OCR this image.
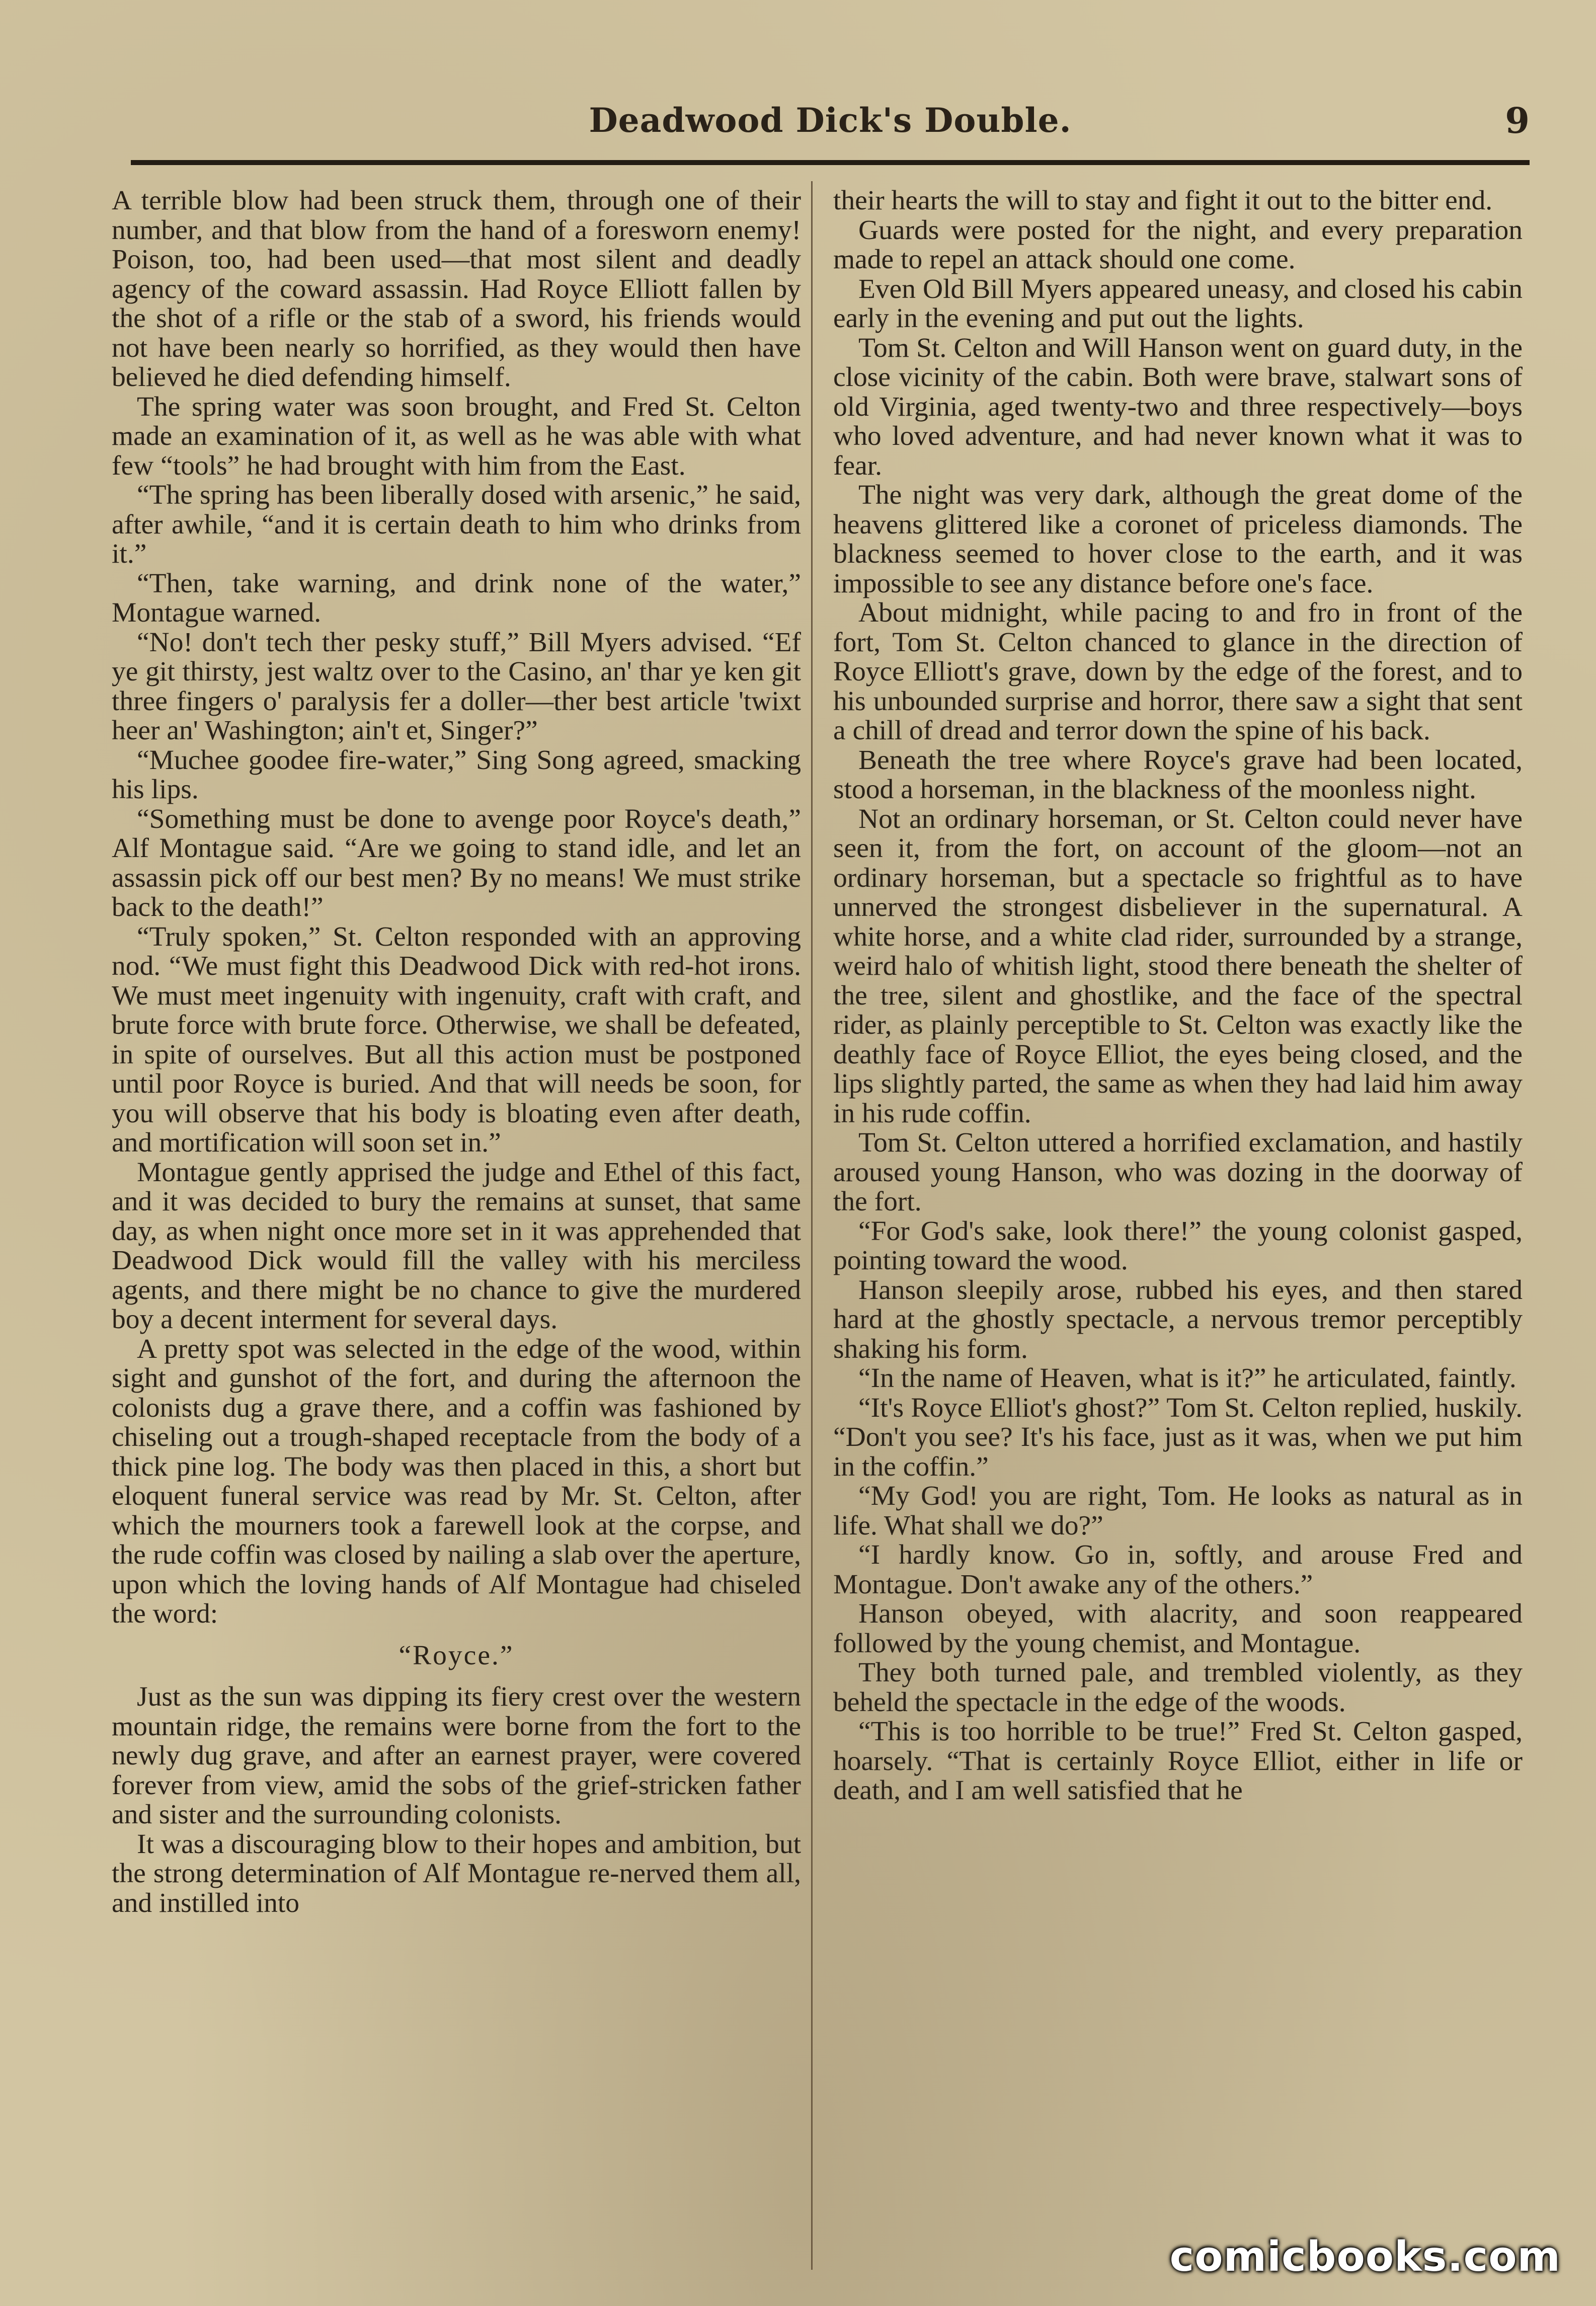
Deadwood Dick's Double.	9

A terrible blow had been struck them, through one of their number, and that blow from the hand of a foresworn enemy! Poison, too, had been used—that most silent and deadly agency of the coward assassin. Had Royce Elliott fallen by the shot of a rifle or the stab of a sword, his friends would not have been nearly so horrified, as they would then have believed he died defending himself.

The spring water was soon brought, and Fred St. Celton made an examination of it, as well as he was able with what few “tools” he had brought with him from the East.

“The spring has been liberally dosed with arsenic,” he said, after awhile, “and it is certain death to him who drinks from it.”

“Then, take warning, and drink none of the water,” Montague warned.

“No! don't tech ther pesky stuff,” Bill Myers advised. “Ef ye git thirsty, jest waltz over to the Casino, an' thar ye ken git three fingers o' paralysis fer a doller—ther best article 'twixt heer an' Washington; ain't et, Singer?”

“Muchee goodee fire-water,” Sing Song agreed, smacking his lips.

“Something must be done to avenge poor Royce's death,” Alf Montague said. “Are we going to stand idle, and let an assassin pick off our best men? By no means! We must strike back to the death!”

“Truly spoken,” St. Celton responded with an approving nod. “We must fight this Deadwood Dick with red-hot irons. We must meet ingenuity with ingenuity, craft with craft, and brute force with brute force. Otherwise, we shall be defeated, in spite of ourselves. But all this action must be postponed until poor Royce is buried. And that will needs be soon, for you will observe that his body is bloating even after death, and mortification will soon set in.”

Montague gently apprised the judge and Ethel of this fact, and it was decided to bury the remains at sunset, that same day, as when night once more set in it was apprehended that Deadwood Dick would fill the valley with his merciless agents, and there might be no chance to give the murdered boy a decent interment for several days.

A pretty spot was selected in the edge of the wood, within sight and gunshot of the fort, and during the afternoon the colonists dug a grave there, and a coffin was fashioned by chiseling out a trough-shaped receptacle from the body of a thick pine log. The body was then placed in this, a short but eloquent funeral service was read by Mr. St. Celton, after which the mourners took a farewell look at the corpse, and the rude coffin was closed by nailing a slab over the aperture, upon which the loving hands of Alf Montague had chiseled the word:

“Royce.”

Just as the sun was dipping its fiery crest over the western mountain ridge, the remains were borne from the fort to the newly dug grave, and after an earnest prayer, were covered forever from view, amid the sobs of the grief-stricken father and sister and the surrounding colonists.

It was a discouraging blow to their hopes and ambition, but the strong determination of Alf Montague re-nerved them all, and instilled into

their hearts the will to stay and fight it out to the bitter end.

Guards were posted for the night, and every preparation made to repel an attack should one come.

Even Old Bill Myers appeared uneasy, and closed his cabin early in the evening and put out the lights.

Tom St. Celton and Will Hanson went on guard duty, in the close vicinity of the cabin. Both were brave, stalwart sons of old Virginia, aged twenty-two and three respectively—boys who loved adventure, and had never known what it was to fear.

The night was very dark, although the great dome of the heavens glittered like a coronet of priceless diamonds. The blackness seemed to hover close to the earth, and it was impossible to see any distance before one's face.

About midnight, while pacing to and fro in front of the fort, Tom St. Celton chanced to glance in the direction of Royce Elliott's grave, down by the edge of the forest, and to his unbounded surprise and horror, there saw a sight that sent a chill of dread and terror down the spine of his back.

Beneath the tree where Royce's grave had been located, stood a horseman, in the blackness of the moonless night.

Not an ordinary horseman, or St. Celton could never have seen it, from the fort, on account of the gloom—not an ordinary horseman, but a spectacle so frightful as to have unnerved the strongest disbeliever in the supernatural. A white horse, and a white clad rider, surrounded by a strange, weird halo of whitish light, stood there beneath the shelter of the tree, silent and ghostlike, and the face of the spectral rider, as plainly perceptible to St. Celton was exactly like the deathly face of Royce Elliot, the eyes being closed, and the lips slightly parted, the same as when they had laid him away in his rude coffin.

Tom St. Celton uttered a horrified exclamation, and hastily aroused young Hanson, who was dozing in the doorway of the fort.

“For God's sake, look there!” the young colonist gasped, pointing toward the wood.

Hanson sleepily arose, rubbed his eyes, and then stared hard at the ghostly spectacle, a nervous tremor perceptibly shaking his form.

“In the name of Heaven, what is it?” he articulated, faintly.

“It's Royce Elliot's ghost?” Tom St. Celton replied, huskily. “Don't you see? It's his face, just as it was, when we put him in the coffin.”

“My God! you are right, Tom. He looks as natural as in life. What shall we do?”

“I hardly know. Go in, softly, and arouse Fred and Montague. Don't awake any of the others.”

Hanson obeyed, with alacrity, and soon reappeared followed by the young chemist, and Montague.

They both turned pale, and trembled violently, as they beheld the spectacle in the edge of the woods.

“This is too horrible to be true!” Fred St. Celton gasped, hoarsely. “That is certainly Royce Elliot, either in life or death, and I am well satisfied that he

comicbooks.com
